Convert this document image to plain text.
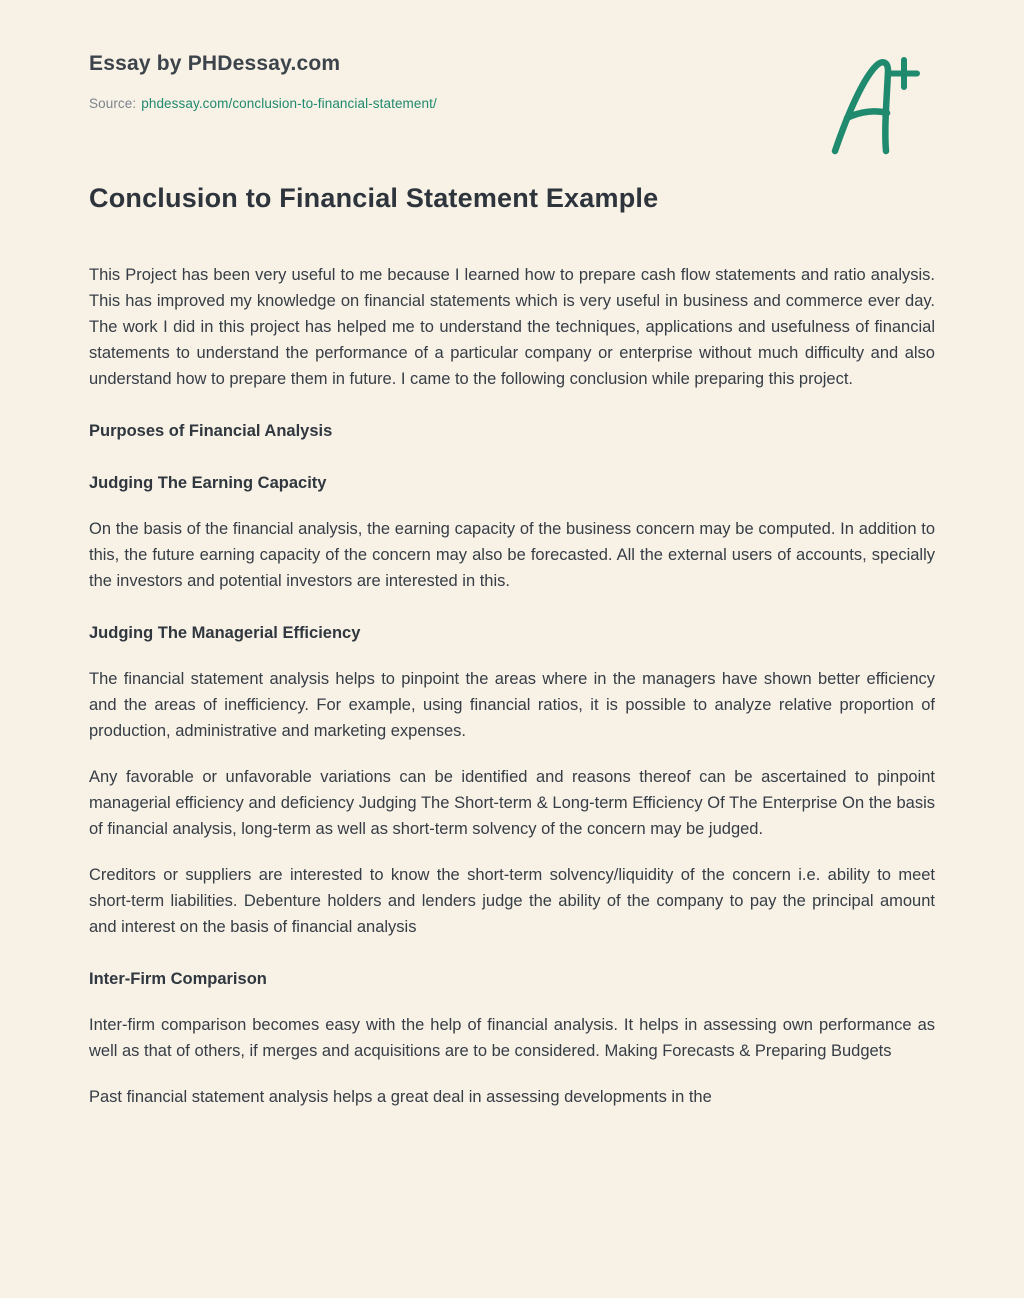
Essay by PHDessay.com
Source: phdessay.com/conclusion-to-financial-statement/
Conclusion to Financial Statement Example

This Project has been very useful to me because I learned how to prepare cash flow statements and ratio analysis. This has improved my knowledge on financial statements which is very useful in business and commerce ever day. The work I did in this project has helped me to understand the techniques, applications and usefulness of financial statements to understand the performance of a particular company or enterprise without much difficulty and also understand how to prepare them in future. I came to the following conclusion while preparing this project.

Purposes of Financial Analysis
Judging The Earning Capacity

On the basis of the financial analysis, the earning capacity of the business concern may be computed. In addition to this, the future earning capacity of the concern may also be forecasted. All the external users of accounts, specially the investors and potential investors are interested in this.

Judging The Managerial Efficiency

The financial statement analysis helps to pinpoint the areas where in the managers have shown better efficiency and the areas of inefficiency. For example, using financial ratios, it is possible to analyze relative proportion of production, administrative and marketing expenses.

Any favorable or unfavorable variations can be identified and reasons thereof can be ascertained to pinpoint managerial efficiency and deficiency Judging The Short-term & Long-term Efficiency Of The Enterprise On the basis of financial analysis, long-term as well as short-term solvency of the concern may be judged.

Creditors or suppliers are interested to know the short-term solvency/liquidity of the concern i.e. ability to meet short-term liabilities. Debenture holders and lenders judge the ability of the company to pay the principal amount and interest on the basis of financial analysis

Inter-Firm Comparison

Inter-firm comparison becomes easy with the help of financial analysis. It helps in assessing own performance as well as that of others, if merges and acquisitions are to be considered. Making Forecasts & Preparing Budgets

Past financial statement analysis helps a great deal in assessing developments in the
